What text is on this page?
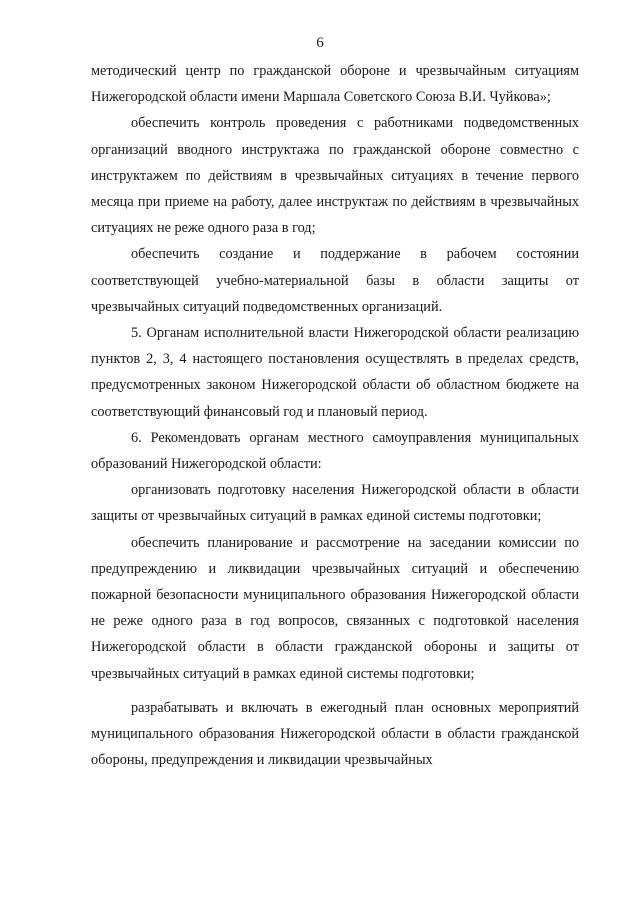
6

методический центр по гражданской обороне и чрезвычайным ситуациям Нижегородской области имени Маршала Советского Союза В.И. Чуйкова»;

обеспечить контроль проведения с работниками подведомственных организаций вводного инструктажа по гражданской обороне совместно с инструктажем по действиям в чрезвычайных ситуациях в течение первого месяца при приеме на работу, далее инструктаж по действиям в чрезвычайных ситуациях не реже одного раза в год;

обеспечить создание и поддержание в рабочем состоянии соответствующей учебно-материальной базы в области защиты от чрезвычайных ситуаций подведомственных организаций.

5. Органам исполнительной власти Нижегородской области реализацию пунктов 2, 3, 4 настоящего постановления осуществлять в пределах средств, предусмотренных законом Нижегородской области об областном бюджете на соответствующий финансовый год и плановый период.

6. Рекомендовать органам местного самоуправления муниципальных образований Нижегородской области:

организовать подготовку населения Нижегородской области в области защиты от чрезвычайных ситуаций в рамках единой системы подготовки;

обеспечить планирование и рассмотрение на заседании комиссии по предупреждению и ликвидации чрезвычайных ситуаций и обеспечению пожарной безопасности муниципального образования Нижегородской области не реже одного раза в год вопросов, связанных с подготовкой населения Нижегородской области в области гражданской обороны и защиты от чрезвычайных ситуаций в рамках единой системы подготовки;

разрабатывать и включать в ежегодный план основных мероприятий муниципального образования Нижегородской области в области гражданской обороны, предупреждения и ликвидации чрезвычайных
